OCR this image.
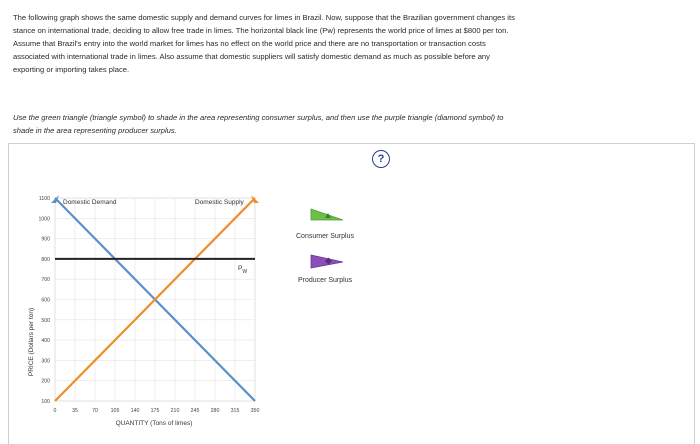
The following graph shows the same domestic supply and demand curves for limes in Brazil. Now, suppose that the Brazilian government changes its
stance on international trade, deciding to allow free trade in limes. The horizontal black line (Pᴡ) represents the world price of limes at $800 per ton.
Assume that Brazil's entry into the world market for limes has no effect on the world price and there are no transportation or transaction costs
associated with international trade in limes. Also assume that domestic suppliers will satisfy domestic demand as much as possible before any
exporting or importing takes place.
Use the green triangle (triangle symbol) to shade in the area representing consumer surplus, and then use the purple triangle (diamond symbol) to
shade in the area representing producer surplus.
?
0	35	70 105 140 175 210 245 280 315 350
100
200
300
400
500
600
700
800
900
1000
1100
PRICE (Dollars per ton)
QUANTITY (Tons of limes)
Domestic Demand	Domestic Supply
$P_W$
Consumer Surplus
Producer Surplus
